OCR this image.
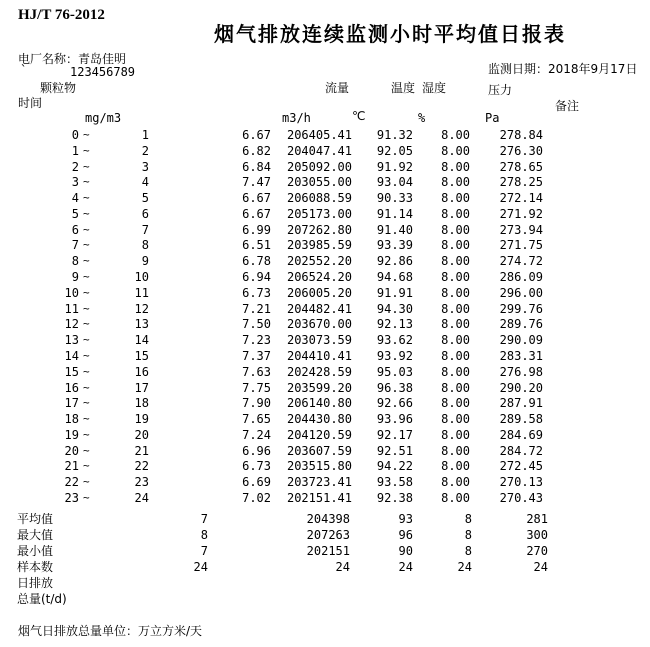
HJ/T 76-2012
烟气排放连续监测小时平均值日报表
电厂名称：青岛佳明
`	123456789	监测日期：2018年9月17日
颗粒物	流量	温度 湿度	压力
时间	备注
mg/m3	m3/h	℃	%	Pa
0 ~	1	6.67 206405.41 91.32 8.00 278.84
1 ~	2	6.82 204047.41 92.05 8.00 276.30
2 ~	3	6.84 205092.00 91.92 8.00 278.65
3 ~	4	7.47 203055.00 93.04 8.00 278.25
4 ~	5	6.67 206088.59 90.33 8.00 272.14
5 ~	6	6.67 205173.00 91.14 8.00 271.92
6 ~	7	6.99 207262.80 91.40 8.00 273.94
7 ~	8	6.51 203985.59 93.39 8.00 271.75
8 ~	9	6.78 202552.20 92.86 8.00 274.72
9 ~	10	6.94 206524.20 94.68 8.00 286.09
10 ~	11	6.73 206005.20 91.91 8.00 296.00
11 ~	12	7.21 204482.41 94.30 8.00 299.76
12 ~	13	7.50 203670.00 92.13 8.00 289.76
13 ~	14	7.23 203073.59 93.62 8.00 290.09
14 ~	15	7.37 204410.41 93.92 8.00 283.31
15 ~	16	7.63 202428.59 95.03 8.00 276.98
16 ~	17	7.75 203599.20 96.38 8.00 290.20
17 ~	18	7.90 206140.80 92.66 8.00 287.91
18 ~	19	7.65 204430.80 93.96 8.00 289.58
19 ~	20	7.24 204120.59 92.17 8.00 284.69
20 ~	21	6.96 203607.59 92.51 8.00 284.72
21 ~	22	6.73 203515.80 94.22 8.00 272.45
22 ~	23	6.69 203723.41 93.58 8.00 270.13
23 ~	24	7.02 202151.41 92.38 8.00 270.43
平均值	7	204398	93	8	281
最大值	8	207263	96	8	300
最小值	7	202151	90	8	270
样本数	24	24	24	24	24
日排放
总量(t/d)
烟气日排放总量单位：万立方米/天
